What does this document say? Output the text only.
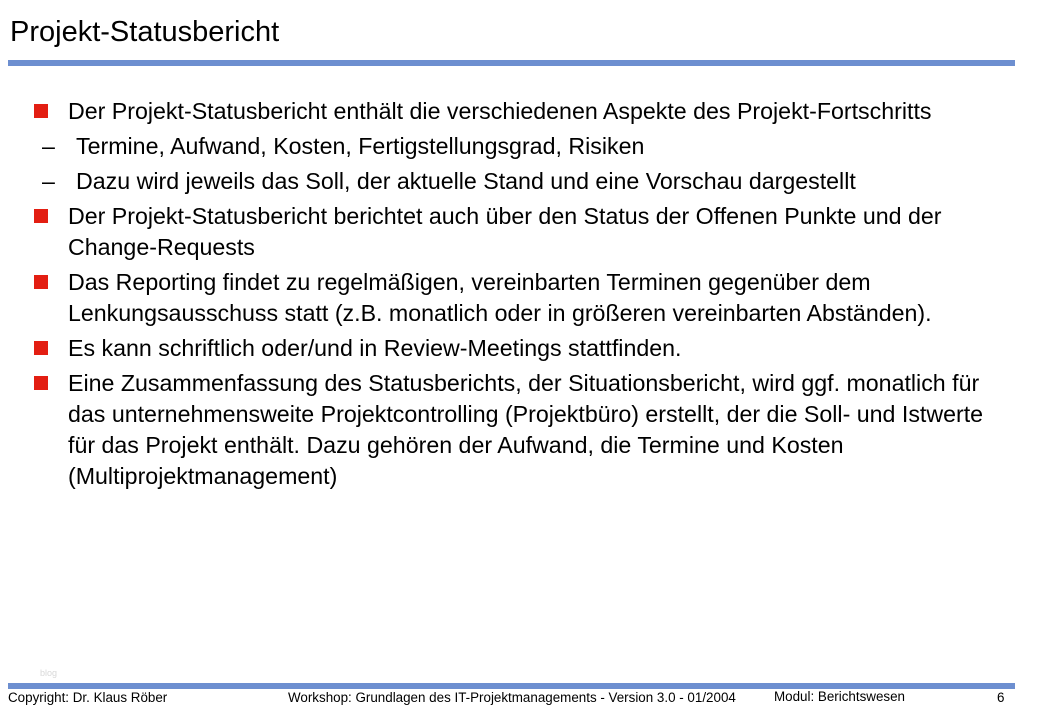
Projekt-Statusbericht
Der Projekt-Statusbericht enthält die verschiedenen Aspekte des Projekt-Fortschritts
– Termine, Aufwand, Kosten, Fertigstellungsgrad, Risiken
– Dazu wird jeweils das Soll, der aktuelle Stand und eine Vorschau dargestellt
Der Projekt-Statusbericht berichtet auch über den Status der Offenen Punkte und der Change-Requests
Das Reporting findet zu regelmäßigen, vereinbarten Terminen gegenüber dem Lenkungsausschuss statt (z.B. monatlich oder in größeren vereinbarten Abständen).
Es kann schriftlich oder/und in Review-Meetings stattfinden.
Eine Zusammenfassung des Statusberichts, der Situationsbericht, wird ggf. monatlich für das unternehmensweite Projektcontrolling (Projektbüro) erstellt, der die Soll- und Istwerte für das Projekt enthält. Dazu gehören der Aufwand, die Termine und Kosten (Multiprojektmanagement)
blog
Copyright: Dr. Klaus Röber	Workshop: Grundlagen des IT-Projektmanagements - Version 3.0 - 01/2004	Modul: Berichtswesen	6
